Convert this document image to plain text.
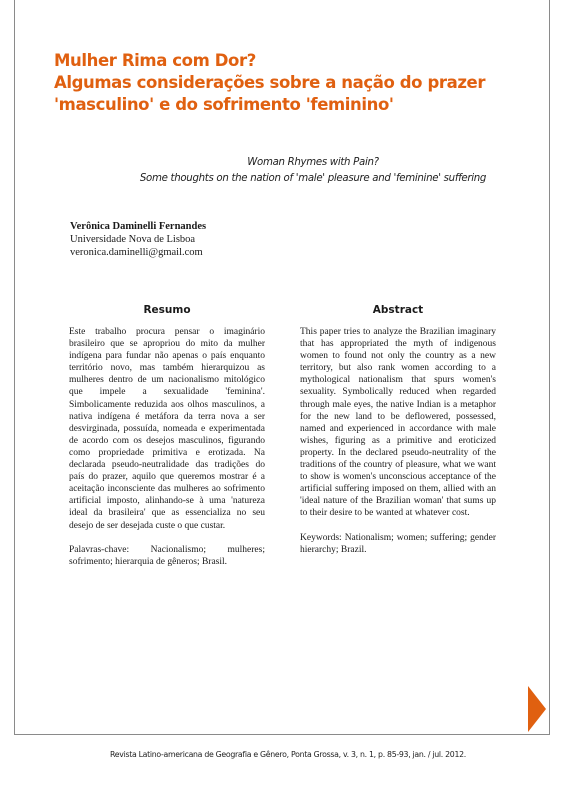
Mulher Rima com Dor?
Algumas considerações sobre a nação do prazer
'masculino' e do sofrimento 'feminino'
Woman Rhymes with Pain?
Some thoughts on the nation of 'male' pleasure and 'feminine' suffering
Verônica Daminelli Fernandes
Universidade Nova de Lisboa
veronica.daminelli@gmail.com
Resumo	Abstract

Este trabalho procura pensar o imaginário brasileiro que se apropriou do mito da mulher indígena para fundar não apenas o país enquanto território novo, mas também hierarquizou as mulheres dentro de um nacionalismo mitológico que impele a sexualidade 'feminina'. Simbolicamente reduzida aos olhos masculinos, a nativa indígena é metáfora da terra nova a ser desvirginada, possuída, nomeada e experimentada de acordo com os desejos masculinos, figurando como propriedade primitiva e erotizada. Na declarada pseudo-neutralidade das tradições do país do prazer, aquilo que queremos mostrar é a aceitação inconsciente das mulheres ao sofrimento artificial imposto, alinhando-se à uma 'natureza ideal da brasileira' que as essencializa no seu desejo de ser desejada custe o que custar.

Palavras-chave: Nacionalismo; mulheres; sofrimento; hierarquia de gêneros; Brasil.

This paper tries to analyze the Brazilian imaginary that has appropriated the myth of indigenous women to found not only the country as a new territory, but also rank women according to a mythological nationalism that spurs women's sexuality. Symbolically reduced when regarded through male eyes, the native Indian is a metaphor for the new land to be deflowered, possessed, named and experienced in accordance with male wishes, figuring as a primitive and eroticized property. In the declared pseudo-neutrality of the traditions of the country of pleasure, what we want to show is women's unconscious acceptance of the artificial suffering imposed on them, allied with an 'ideal nature of the Brazilian woman' that sums up to their desire to be wanted at whatever cost.

Keywords: Nationalism; women; suffering; gender hierarchy; Brazil.

Revista Latino-americana de Geografia e Gênero, Ponta Grossa, v. 3, n. 1, p. 85-93, jan. / jul. 2012.
